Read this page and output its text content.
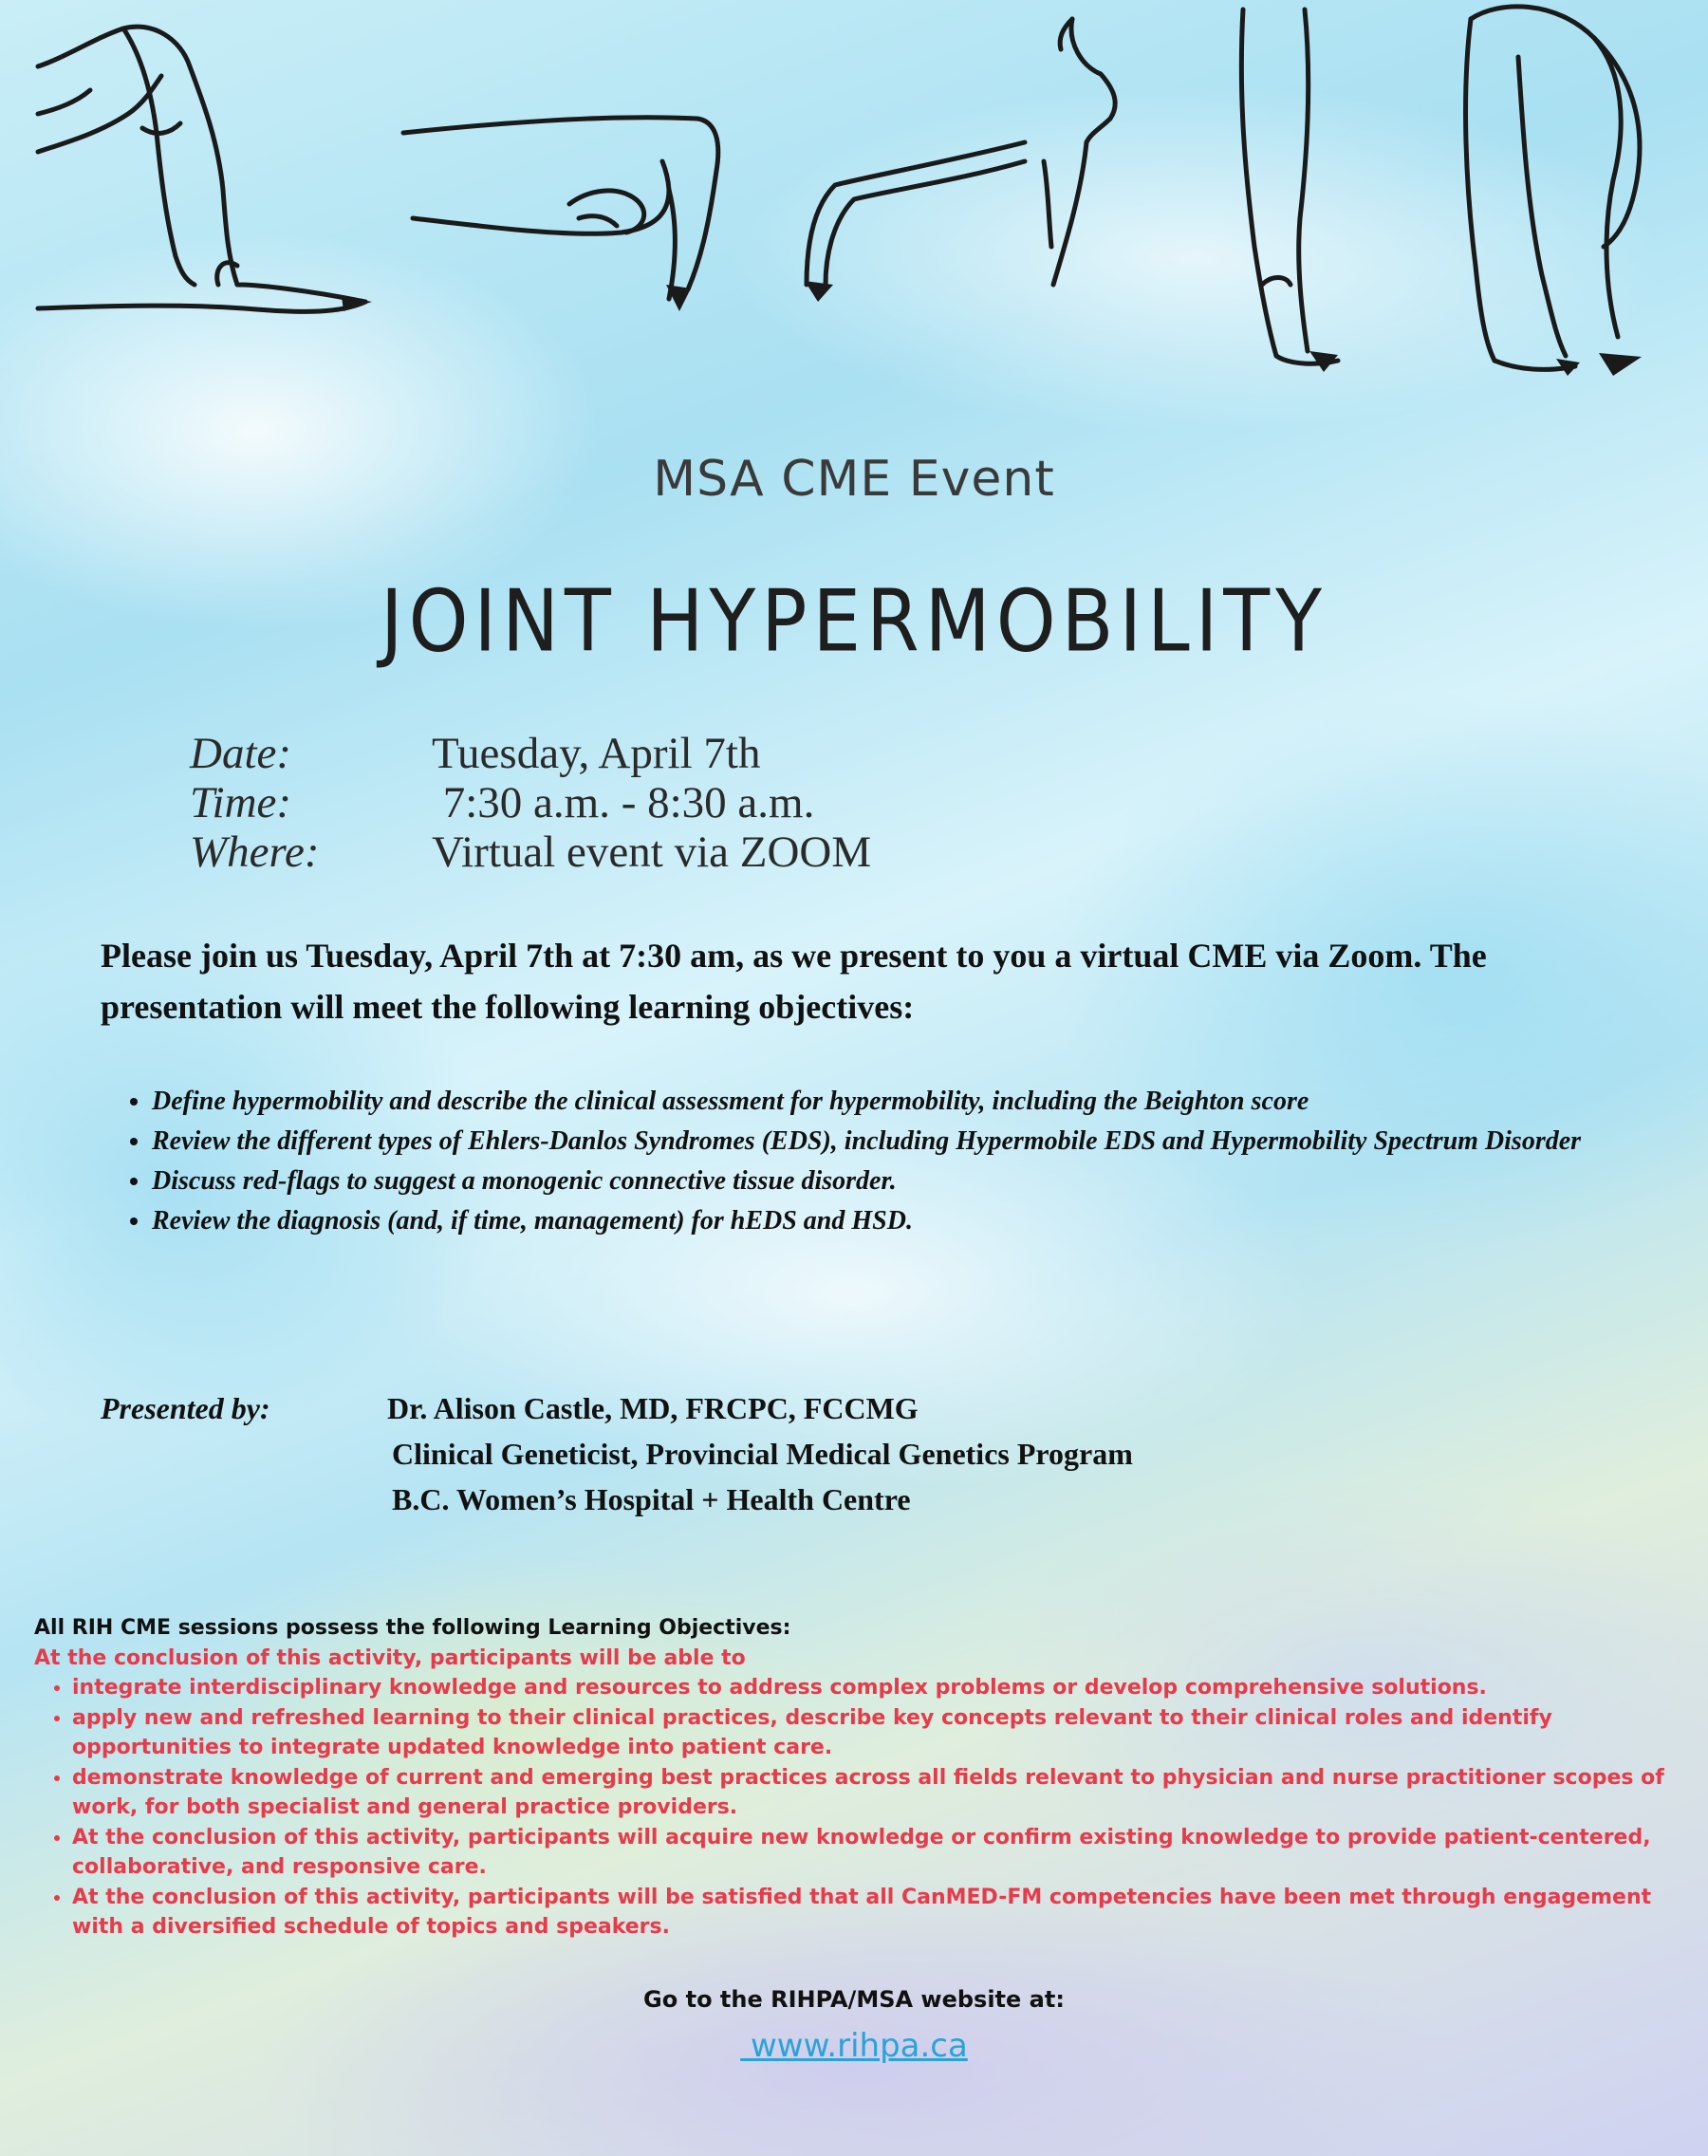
MSA CME Event
JOINT HYPERMOBILITY
Date:	Tuesday, April 7th
Time:	7:30 a.m. - 8:30 a.m.
Where:	Virtual event via ZOOM
Please join us Tuesday, April 7th at 7:30 am, as we present to you a virtual CME via Zoom. The presentation will meet the following learning objectives:
• Define hypermobility and describe the clinical assessment for hypermobility, including the Beighton score
• Review the different types of Ehlers-Danlos Syndromes (EDS), including Hypermobile EDS and Hypermobility Spectrum Disorder
• Discuss red-flags to suggest a monogenic connective tissue disorder.
• Review the diagnosis (and, if time, management) for hEDS and HSD.
Presented by:	Dr. Alison Castle, MD, FRCPC, FCCMG
Clinical Geneticist, Provincial Medical Genetics Program
B.C. Women’s Hospital + Health Centre
All RIH CME sessions possess the following Learning Objectives:
At the conclusion of this activity, participants will be able to
• integrate interdisciplinary knowledge and resources to address complex problems or develop comprehensive solutions.
• apply new and refreshed learning to their clinical practices, describe key concepts relevant to their clinical roles and identify opportunities to integrate updated knowledge into patient care.
• demonstrate knowledge of current and emerging best practices across all fields relevant to physician and nurse practitioner scopes of work, for both specialist and general practice providers.
• At the conclusion of this activity, participants will acquire new knowledge or confirm existing knowledge to provide patient-centered, collaborative, and responsive care.
• At the conclusion of this activity, participants will be satisfied that all CanMED-FM competencies have been met through engagement with a diversified schedule of topics and speakers.
Go to the RIHPA/MSA website at:
www.rihpa.ca
